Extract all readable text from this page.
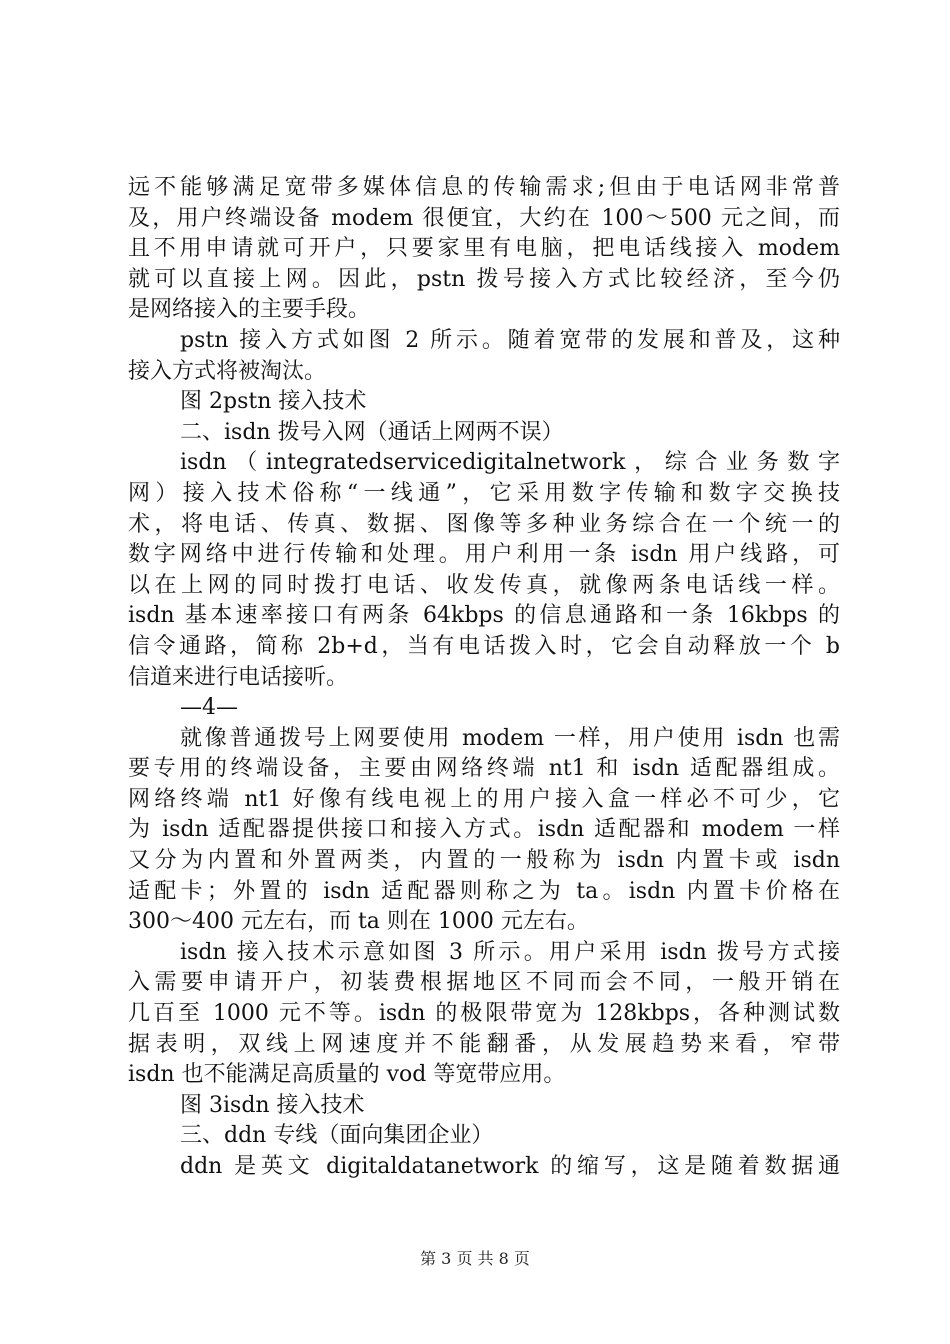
远不能够满足宽带多媒体信息的传输需求;但由于电话网非常普
及，用户终端设备 modem 很便宜，大约在 100～500 元之间，而
且不用申请就可开户，只要家里有电脑，把电话线接入 modem
就可以直接上网。因此，pstn 拨号接入方式比较经济，至今仍
是网络接入的主要手段。
pstn 接入方式如图 2 所示。随着宽带的发展和普及，这种
接入方式将被淘汰。
图 2pstn 接入技术
二、isdn 拨号入网（通话上网两不误）
isdn（integratedservicedigitalnetwork，综合业务数字
网）接入技术俗称“一线通”，它采用数字传输和数字交换技
术，将电话、传真、数据、图像等多种业务综合在一个统一的
数字网络中进行传输和处理。用户利用一条 isdn 用户线路，可
以在上网的同时拨打电话、收发传真，就像两条电话线一样。
isdn 基本速率接口有两条 64kbps 的信息通路和一条 16kbps 的
信令通路，简称 2b+d，当有电话拨入时，它会自动释放一个 b
信道来进行电话接听。
—4—
就像普通拨号上网要使用 modem 一样，用户使用 isdn 也需
要专用的终端设备，主要由网络终端 nt1 和 isdn 适配器组成。
网络终端 nt1 好像有线电视上的用户接入盒一样必不可少，它
为 isdn 适配器提供接口和接入方式。isdn 适配器和 modem 一样
又分为内置和外置两类，内置的一般称为 isdn 内置卡或 isdn
适配卡；外置的 isdn 适配器则称之为 ta。isdn 内置卡价格在
300～400 元左右，而 ta 则在 1000 元左右。
isdn 接入技术示意如图 3 所示。用户采用 isdn 拨号方式接
入需要申请开户，初装费根据地区不同而会不同，一般开销在
几百至 1000 元不等。isdn 的极限带宽为 128kbps，各种测试数
据表明，双线上网速度并不能翻番，从发展趋势来看，窄带
isdn 也不能满足高质量的 vod 等宽带应用。
图 3isdn 接入技术
三、ddn 专线（面向集团企业）
ddn 是英文 digitaldatanetwork 的缩写，这是随着数据通
第 3 页 共 8 页
